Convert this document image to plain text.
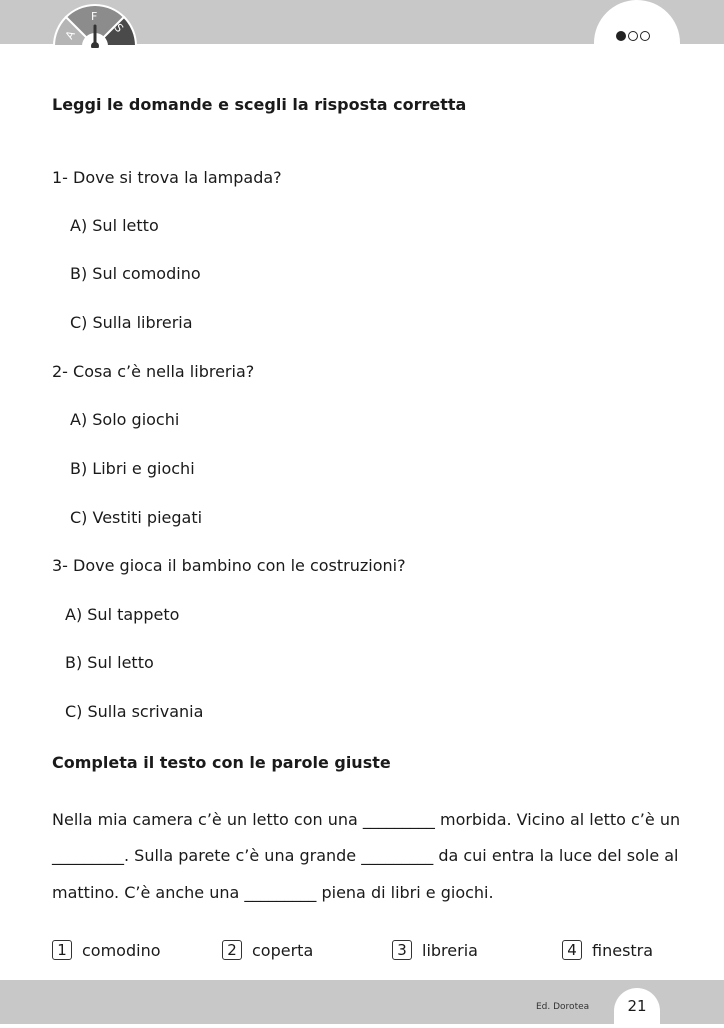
A
F
S
Leggi le domande e scegli la risposta corretta
1- Dove si trova la lampada?
A) Sul letto
B) Sul comodino
C) Sulla libreria
2- Cosa c’è nella libreria?
A) Solo giochi
B) Libri e giochi
C) Vestiti piegati
3- Dove gioca il bambino con le costruzioni?
A) Sul tappeto
B) Sul letto
C) Sulla scrivania
Completa il testo con le parole giuste
Nella mia camera c’è un letto con una _________ morbida. Vicino al letto c’è un
_________. Sulla parete c’è una grande _________ da cui entra la luce del sole al
mattino. C’è anche una _________ piena di libri e giochi.
1 comodino	2 coperta	3 libreria	4 finestra
Ed. Dorotea	21
